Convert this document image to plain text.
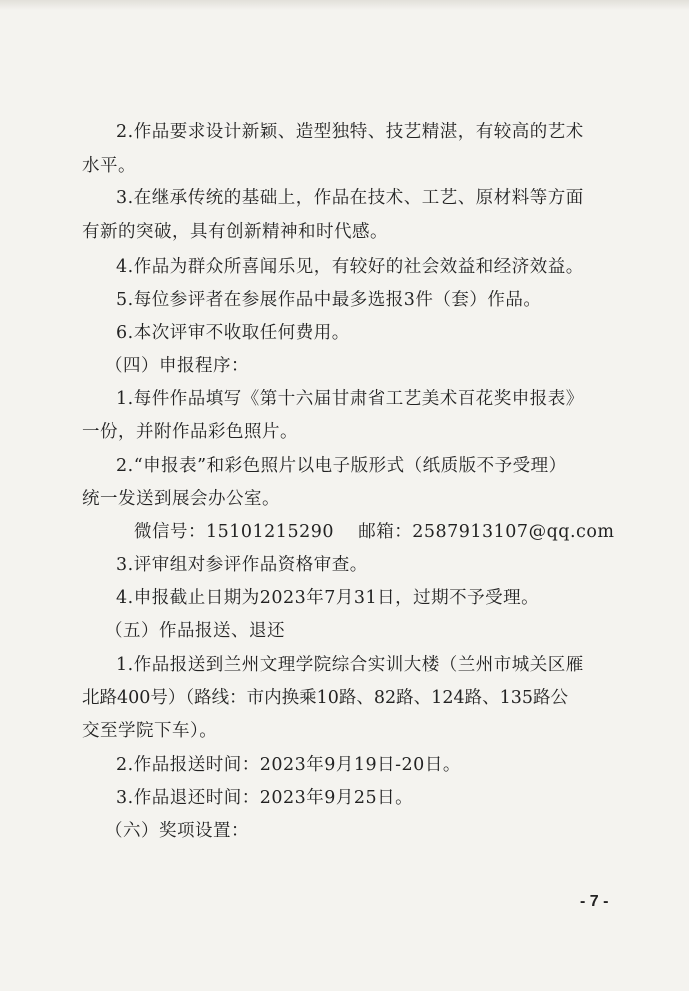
2.作品要求设计新颖、造型独特、技艺精湛，有较高的艺术
水平。
3.在继承传统的基础上，作品在技术、工艺、原材料等方面
有新的突破，具有创新精神和时代感。
4.作品为群众所喜闻乐见，有较好的社会效益和经济效益。
5.每位参评者在参展作品中最多选报3件（套）作品。
6.本次评审不收取任何费用。
（四）申报程序：
1.每件作品填写《第十六届甘肃省工艺美术百花奖申报表》
一份，并附作品彩色照片。
2.“申报表”和彩色照片以电子版形式（纸质版不予受理）
统一发送到展会办公室。
微信号：15101215290    邮箱：2587913107@qq.com
3.评审组对参评作品资格审查。
4.申报截止日期为2023年7月31日，过期不予受理。
（五）作品报送、退还
1.作品报送到兰州文理学院综合实训大楼（兰州市城关区雁
北路400号）（路线：市内换乘10路、82路、124路、135路公
交至学院下车）。
2.作品报送时间：2023年9月19日-20日。
3.作品退还时间：2023年9月25日。
（六）奖项设置：
- 7 -
